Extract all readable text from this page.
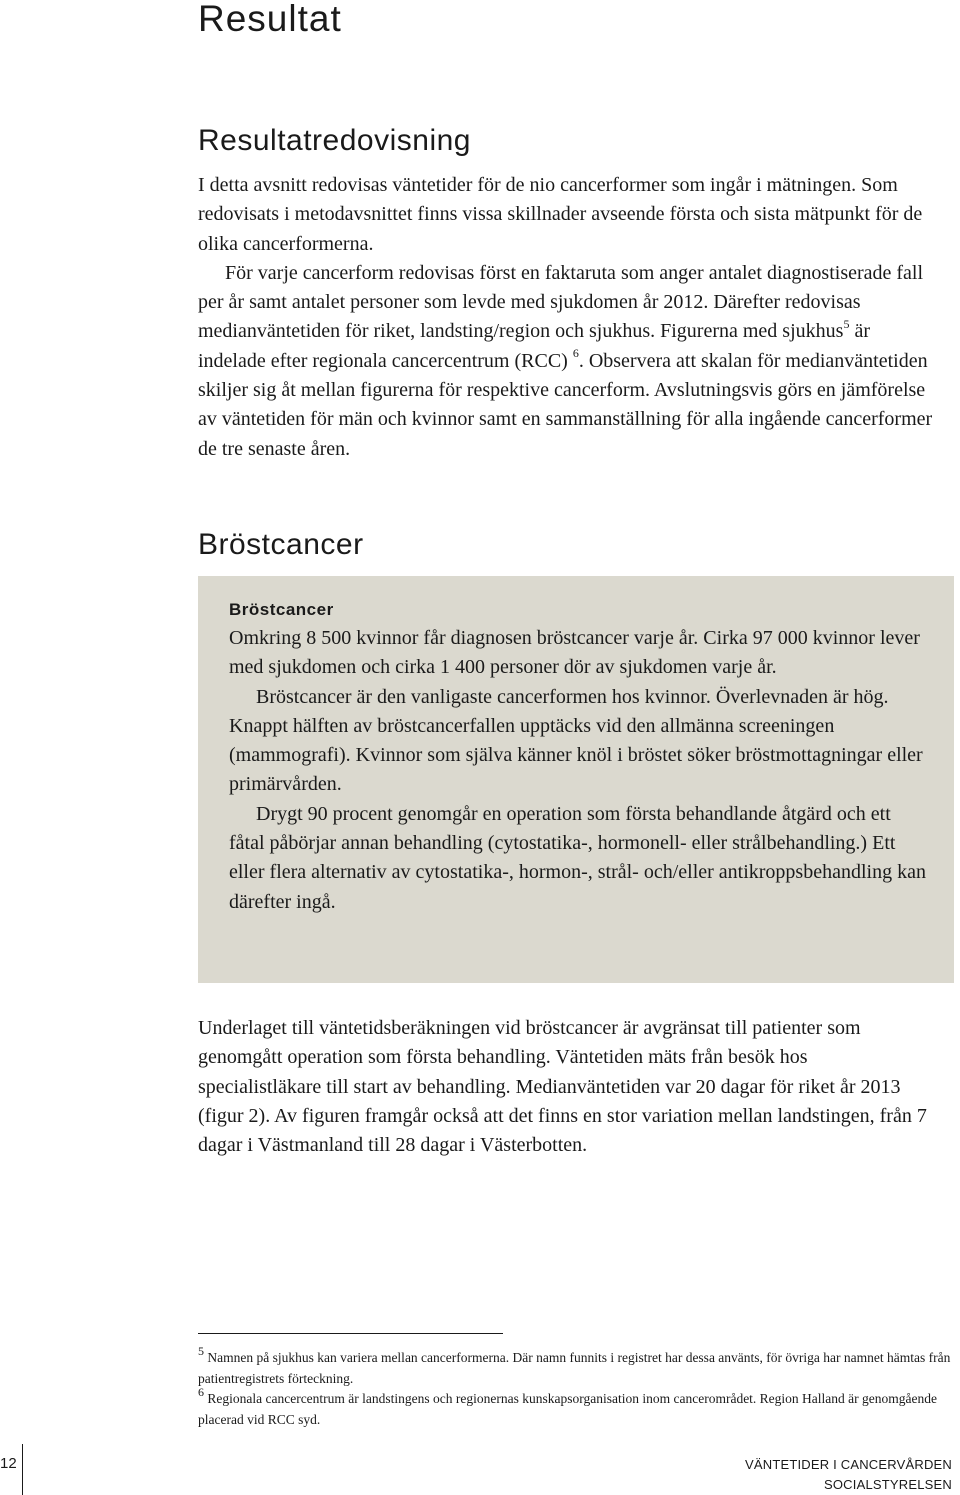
Resultat
Resultatredovisning

I detta avsnitt redovisas väntetider för de nio cancerformer som ingår i mätningen. Som redovisats i metodavsnittet finns vissa skillnader avseende första och sista mätpunkt för de olika cancerformerna.

För varje cancerform redovisas först en faktaruta som anger antalet diagnostiserade fall per år samt antalet personer som levde med sjukdomen år 2012. Därefter redovisas medianväntetiden för riket, landsting/region och sjukhus. Figurerna med sjukhus$^5$ är indelade efter regionala cancercentrum (RCC) $^6$. Observera att skalan för medianväntetiden skiljer sig åt mellan figurerna för respektive cancerform. Avslutningsvis görs en jämförelse av väntetiden för män och kvinnor samt en sammanställning för alla ingående cancerformer de tre senaste åren.

Bröstcancer
Bröstcancer

Omkring 8 500 kvinnor får diagnosen bröstcancer varje år. Cirka 97 000 kvinnor lever med sjukdomen och cirka 1 400 personer dör av sjukdomen varje år.

Bröstcancer är den vanligaste cancerformen hos kvinnor. Överlevnaden är hög. Knappt hälften av bröstcancerfallen upptäcks vid den allmänna screeningen (mammografi). Kvinnor som själva känner knöl i bröstet söker bröstmottagningar eller primärvården.

Drygt 90 procent genomgår en operation som första behandlande åtgärd och ett fåtal påbörjar annan behandling (cytostatika-, hormonell- eller strålbehandling.) Ett eller flera alternativ av cytostatika-, hormon-, strål- och/eller antikroppsbehandling kan därefter ingå.

Underlaget till väntetidsberäkningen vid bröstcancer är avgränsat till patienter som genomgått operation som första behandling. Väntetiden mäts från besök hos specialistläkare till start av behandling. Medianväntetiden var 20 dagar för riket år 2013 (figur 2). Av figuren framgår också att det finns en stor variation mellan landstingen, från 7 dagar i Västmanland till 28 dagar i Västerbotten.

$^5$ Namnen på sjukhus kan variera mellan cancerformerna. Där namn funnits i registret har dessa använts, för övriga har namnet hämtas från patientregistrets förteckning.

$^6$ Regionala cancercentrum är landstingens och regionernas kunskapsorganisation inom cancerområdet. Region Halland är genomgående placerad vid RCC syd.

12	VÄNTETIDER I CANCERVÅRDEN
SOCIALSTYRELSEN
